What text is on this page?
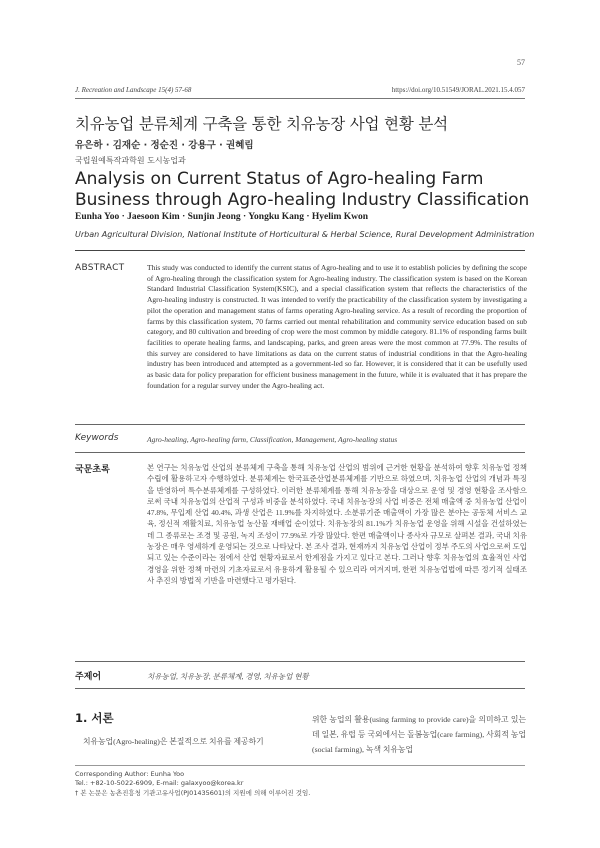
57
J. Recreation and Landscape 15(4) 57-68	https://doi.org/10.51549/JORAL.2021.15.4.057
치유농업 분류체계 구축을 통한 치유농장 사업 현황 분석
유은하 · 김재순 · 정순진 · 강용구 · 권혜림
국립원예특작과학원 도시농업과
Analysis on Current Status of Agro-healing Farm Business through Agro-healing Industry Classification
Eunha Yoo · Jaesoon Kim · Sunjin Jeong · Yongku Kang · Hyelim Kwon
Urban Agricultural Division, National Institute of Horticultural & Herbal Science, Rural Development Administration
ABSTRACT	This study was conducted to identify the current status of Agro-healing and to use it to establish policies by defining the scope of Agro-healing through the classification system for Agro-healing industry. The classification system is based on the Korean Standard Industrial Classification System(KSIC), and a special classification system that reflects the characteristics of the Agro-healing industry is constructed. It was intended to verify the practicability of the classification system by investigating a pilot the operation and management status of farms operating Agro-healing service. As a result of recording the proportion of farms by this classification system, 70 farms carried out mental rehabilitation and community service education based on sub category, and 80 cultivation and breeding of crop were the most common by middle category. 81.1% of responding farms built facilities to operate healing farms, and landscaping, parks, and green areas were the most common at 77.9%. The results of this survey are considered to have limitations as data on the current status of industrial conditions in that the Agro-healing industry has been introduced and attempted as a government-led so far. However, it is considered that it can be usefully used as basic data for policy preparation for efficient business management in the future, while it is evaluated that it has prepare the foundation for a regular survey under the Agro-healing act.
Keywords	Agro-healing, Agro-healing farm, Classification, Management, Agro-healing status
국문초록	본 연구는 치유농업 산업의 분류체계 구축을 통해 치유농업 산업의 범위에 근거한 현황을 분석하여 향후 치유농업 정책수립에 활용하고자 수행하였다. 분류체계는 한국표준산업분류체계를 기반으로 하였으며, 치유농업 산업의 개념과 특징을 반영하여 특수분류체계를 구성하였다. 이러한 분류체계를 통해 치유농장을 대상으로 운영 및 경영 현황을 조사함으로써 국내 치유농업의 산업적 구성과 비중을 분석하였다. 국내 치유농장의 사업 비중은 전체 매출액 중 치유농업 산업이 47.8%, 무입제 산업 40.4%, 과생 산업은 11.9%를 차지하였다. 소분류기준 매출액이 가장 많은 분야는 공동체 서비스 교육, 정신적 재활치료, 치유농업 농산물 재배업 순이었다. 치유농장의 81.1%가 치유농업 운영을 위해 시설을 건설하였는데 그 종류로는 조경 및 공원, 녹지 조성이 77.9%로 가장 많았다. 한편 매출액이나 종사자 규모로 살펴본 결과, 국내 치유농장은 매우 영세하게 운영되는 것으로 나타났다. 본 조사 결과, 현재까지 치유농업 산업이 정부 주도의 사업으로써 도입되고 있는 수준이라는 점에서 산업 현황자료로서 한계점을 가지고 있다고 본다. 그러나 향후 치유농업의 효율적인 사업경영을 위한 정책 마련의 기초자료로서 유용하게 활용될 수 있으리라 여겨지며, 한편 치유농업법에 따른 정기적 실태조사 추진의 방법적 기반을 마련했다고 평가된다.
주제어	치유농업, 치유농장, 분류체계, 경영, 치유농업 현황
1. 서론
치유농업(Agro-healing)은 본질적으로 치유를 제공하기
위한 농업의 활용(using farming to provide care)을 의미하고 있는데 일본, 유럽 등 국외에서는 돌봄농업(care farming), 사회적 농업(social farming), 녹색 치유농업
Corresponding Author: Eunha Yoo
Tel.: +82-10-5022-6909, E-mail: galaxyoo@korea.kr
† 본 논문은 농촌진흥청 기관고유사업(PJ01435601)의 지원에 의해 이루어진 것임.
